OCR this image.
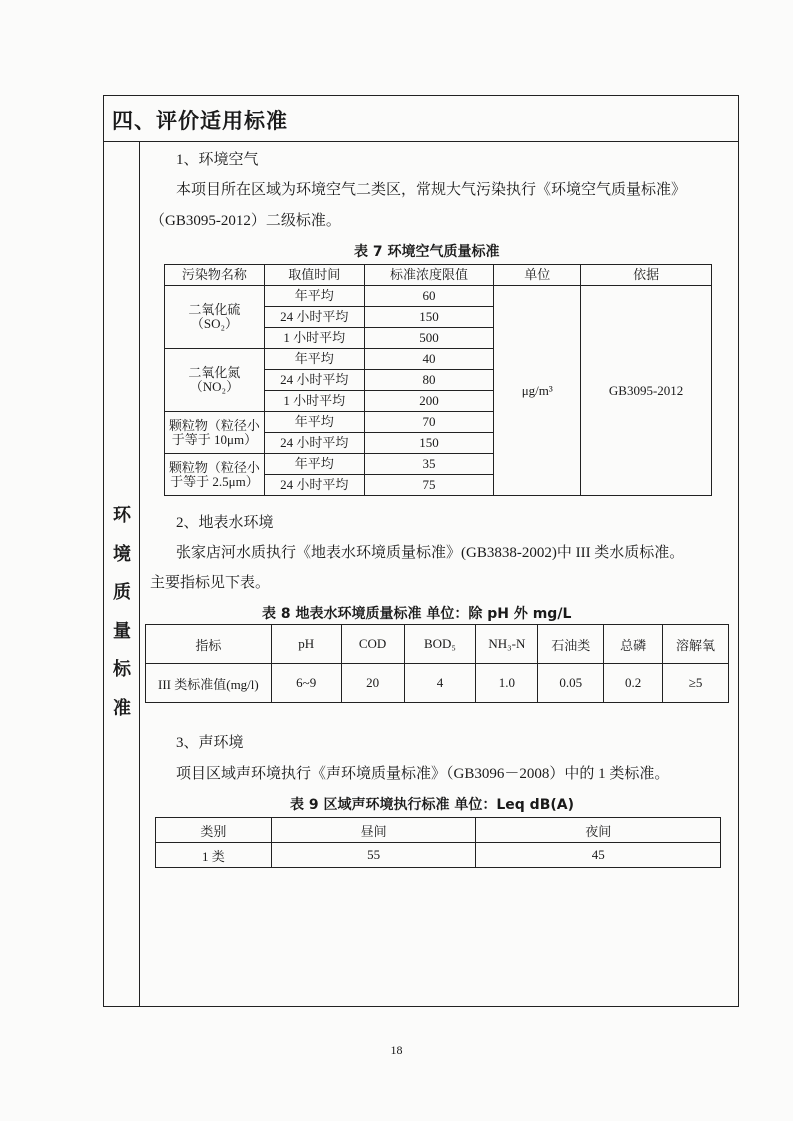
四、评价适用标准
环
境
质
量
标
准
1、环境空气
本项目所在区域为环境空气二类区，常规大气污染执行《环境空气质量标准》
（GB3095-2012）二级标准。
表 7 环境空气质量标准
污染物名称	取值时间	标准浓度限值	单位	依据
二氧化硫
（SO₂）	年平均	60	μg/m³	GB3095-2012
	24 小时平均	150		
	1 小时平均	500		
二氧化氮
（NO₂）	年平均	40		
	24 小时平均	80		
	1 小时平均	200		
颗粒物（粒径小
于等于 10μm）	年平均	70		
	24 小时平均	150		
颗粒物（粒径小
于等于 2.5μm）	年平均	35		
	24 小时平均	75		
2、地表水环境
张家店河水质执行《地表水环境质量标准》(GB3838-2002)中 III 类水质标准。
主要指标见下表。
表 8 地表水环境质量标准 单位：除 pH 外 mg/L
指标	pH	COD	BOD₅	NH₃-N	石油类	总磷	溶解氧
III 类标准值(mg/l)	6~9	20	4	1.0	0.05	0.2	≥5
3、声环境
项目区域声环境执行《声环境质量标准》（GB3096－2008）中的 1 类标准。
表 9 区域声环境执行标准 单位：Leq dB(A)
类别	昼间	夜间
1 类	55	45
18
